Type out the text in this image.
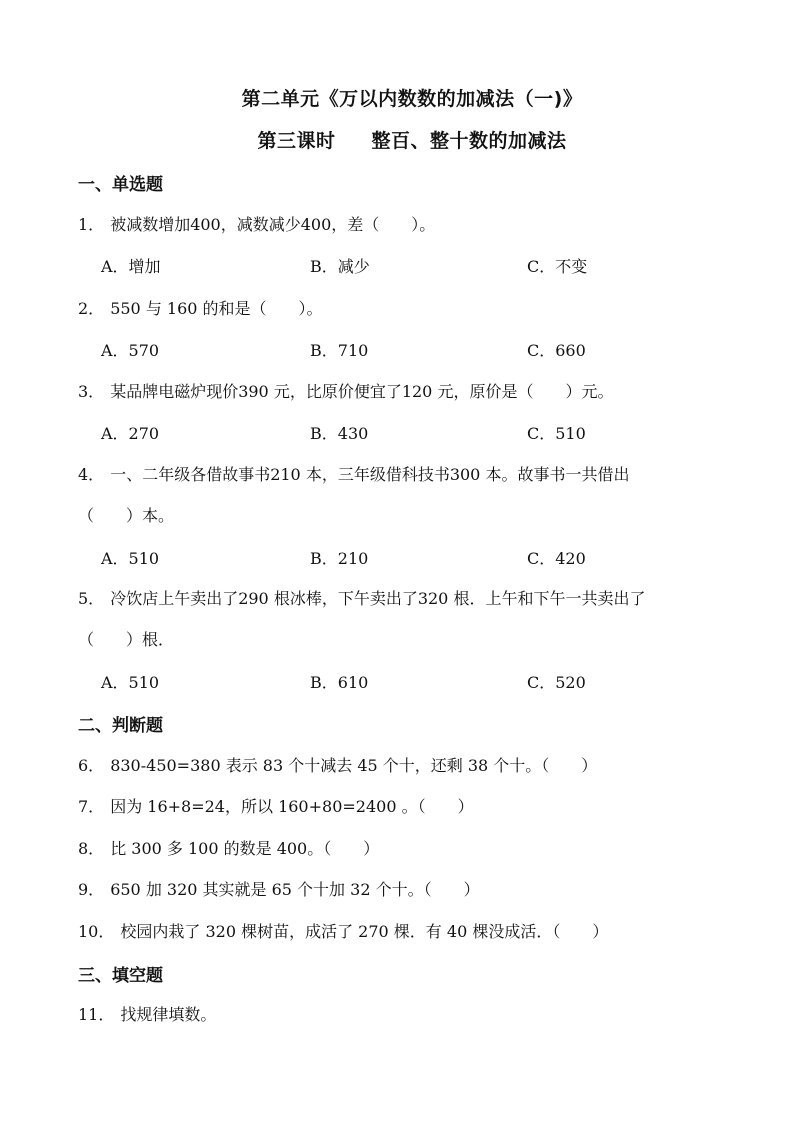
第二单元《万以内数数的加减法（一)》
第三课时 整百、整十数的加减法
一、单选题
1． 被减数增加400，减数减少400，差（　　）。
A．增加	B．减少	C．不变
2． 550 与 160 的和是（　　）。
A．570	B．710	C．660
3． 某品牌电磁炉现价390 元，比原价便宜了120 元，原价是（　　）元。
A．270	B．430	C．510
4． 一、二年级各借故事书210 本，三年级借科技书300 本。故事书一共借出
（　　）本。
A．510	B．210	C．420
5． 冷饮店上午卖出了290 根冰棒，下午卖出了320 根．上午和下午一共卖出了
（　　）根．
A．510	B．610	C．520
二、判断题
6． 830-450=380 表示 83 个十减去 45 个十，还剩 38 个十。（　　）
7． 因为 16+8=24，所以 160+80=2400 。（　　）
8． 比 300 多 100 的数是 400。（　　）
9． 650 加 320 其实就是 65 个十加 32 个十。（　　）
10． 校园内栽了 320 棵树苗，成活了 270 棵．有 40 棵没成活．（　　）
三、填空题
11． 找规律填数。
